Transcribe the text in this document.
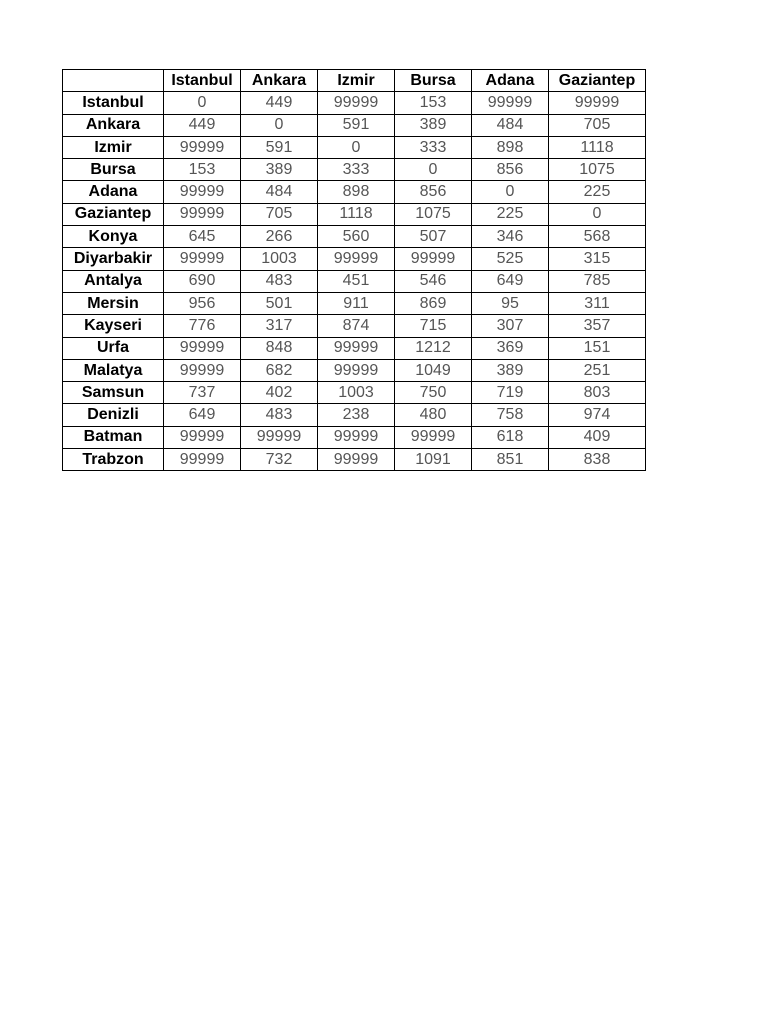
	Istanbul	Ankara	Izmir	Bursa	Adana	Gaziantep
Istanbul	0	449	99999	153	99999	99999
Ankara	449	0	591	389	484	705
Izmir	99999	591	0	333	898	1118
Bursa	153	389	333	0	856	1075
Adana	99999	484	898	856	0	225
Gaziantep	99999	705	1118	1075	225	0
Konya	645	266	560	507	346	568
Diyarbakir	99999	1003	99999	99999	525	315
Antalya	690	483	451	546	649	785
Mersin	956	501	911	869	95	311
Kayseri	776	317	874	715	307	357
Urfa	99999	848	99999	1212	369	151
Malatya	99999	682	99999	1049	389	251
Samsun	737	402	1003	750	719	803
Denizli	649	483	238	480	758	974
Batman	99999	99999	99999	99999	618	409
Trabzon	99999	732	99999	1091	851	838
